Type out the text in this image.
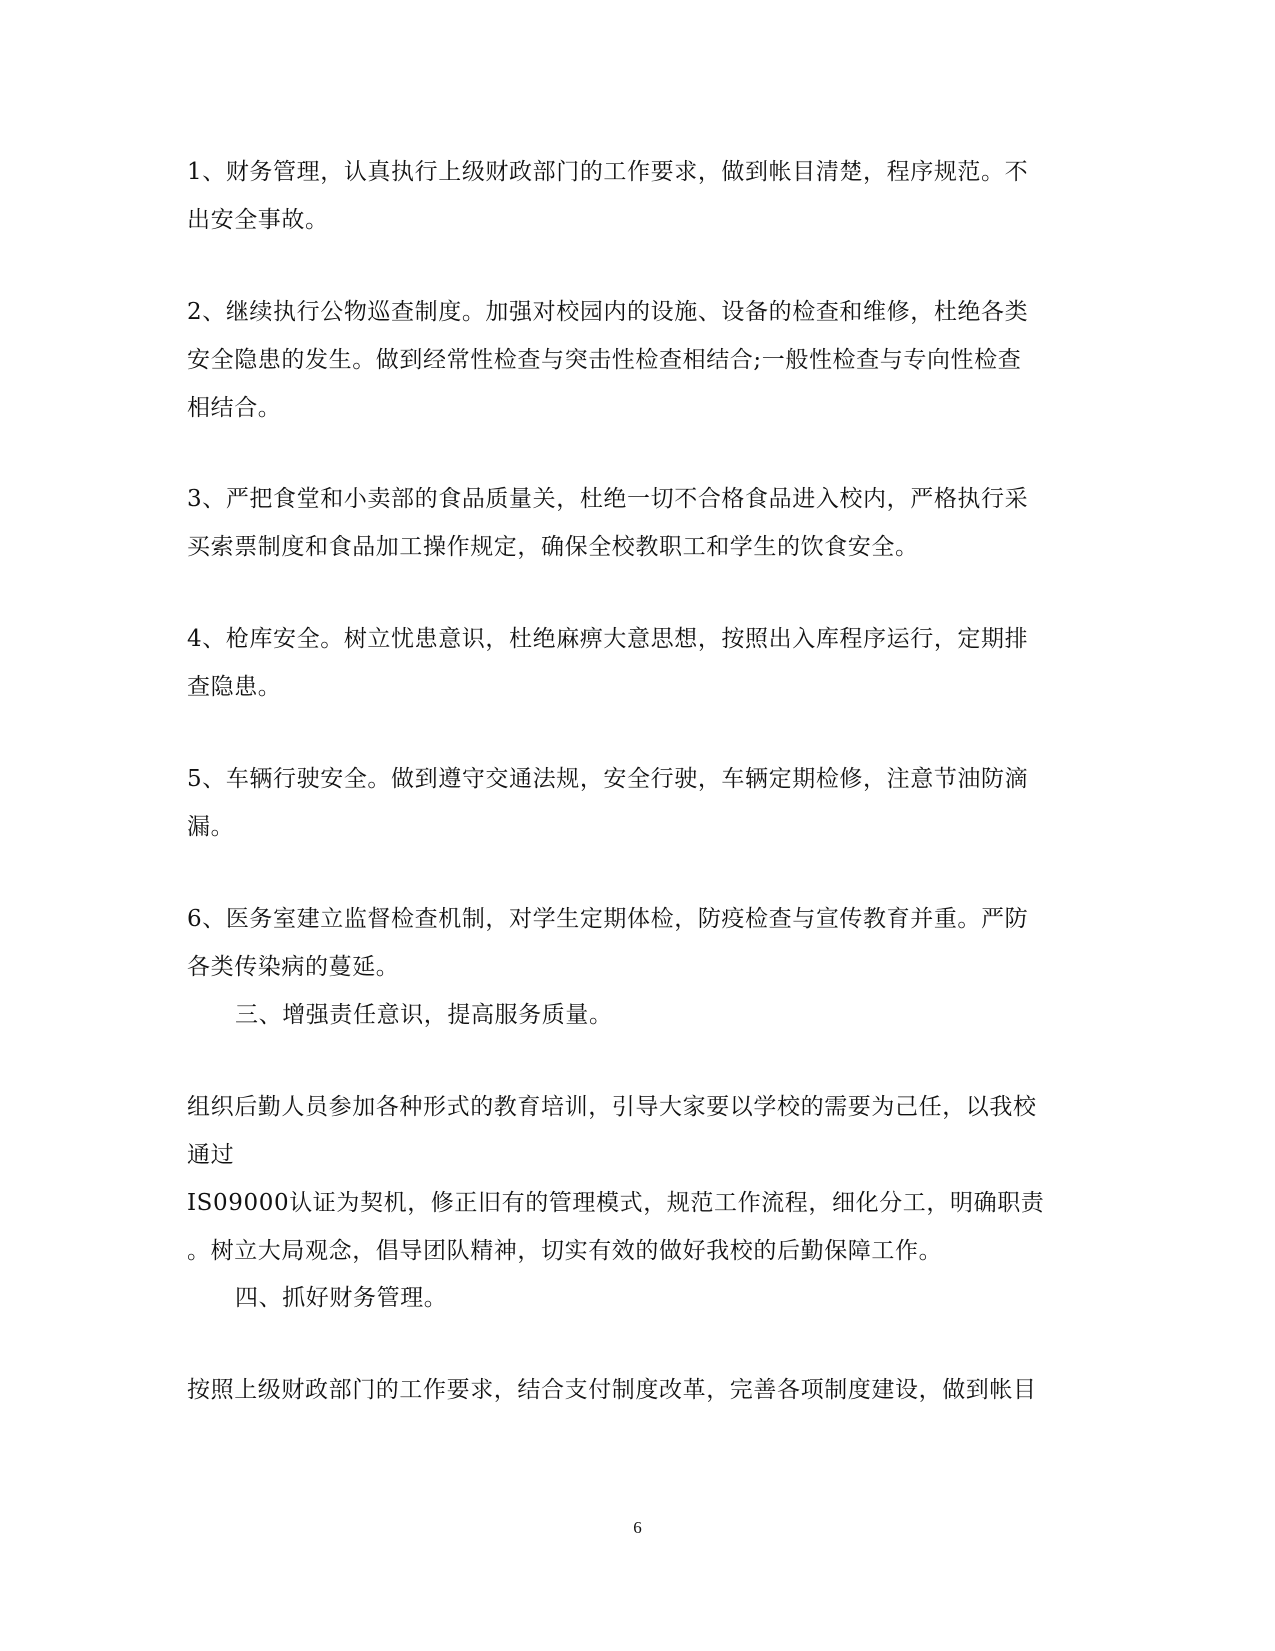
1、财务管理，认真执行上级财政部门的工作要求，做到帐目清楚，程序规范。不
出安全事故。
2、继续执行公物巡查制度。加强对校园内的设施、设备的检查和维修，杜绝各类
安全隐患的发生。做到经常性检查与突击性检查相结合;一般性检查与专向性检查
相结合。
3、严把食堂和小卖部的食品质量关，杜绝一切不合格食品进入校内，严格执行采
买索票制度和食品加工操作规定，确保全校教职工和学生的饮食安全。
4、枪库安全。树立忧患意识，杜绝麻痹大意思想，按照出入库程序运行，定期排
查隐患。
5、车辆行驶安全。做到遵守交通法规，安全行驶，车辆定期检修，注意节油防滴
漏。
6、医务室建立监督检查机制，对学生定期体检，防疫检查与宣传教育并重。严防
各类传染病的蔓延。
三、增强责任意识，提高服务质量。
组织后勤人员参加各种形式的教育培训，引导大家要以学校的需要为己任，以我校
通过
IS09000认证为契机，修正旧有的管理模式，规范工作流程，细化分工，明确职责
。树立大局观念，倡导团队精神，切实有效的做好我校的后勤保障工作。
四、抓好财务管理。
按照上级财政部门的工作要求，结合支付制度改革，完善各项制度建设，做到帐目
6
